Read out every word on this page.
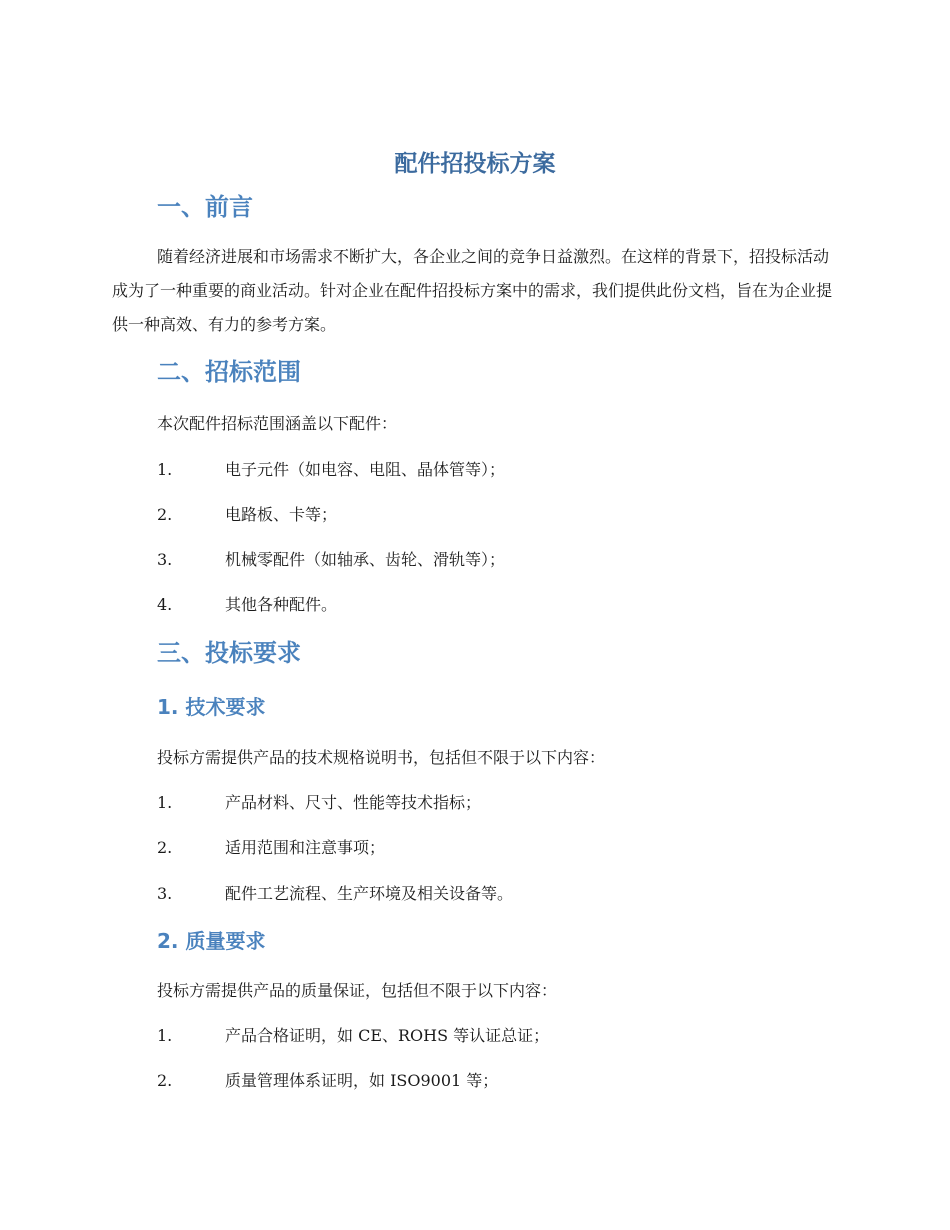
配件招投标方案
一、前言
随着经济进展和市场需求不断扩大，各企业之间的竞争日益激烈。在这样的背景下，招投标活动成为了一种重要的商业活动。针对企业在配件招投标方案中的需求，我们提供此份文档，旨在为企业提供一种高效、有力的参考方案。
二、招标范围
本次配件招标范围涵盖以下配件：
1.	电子元件（如电容、电阻、晶体管等）；
2.	电路板、卡等；
3.	机械零配件（如轴承、齿轮、滑轨等）；
4.	其他各种配件。
三、投标要求
1. 技术要求
投标方需提供产品的技术规格说明书，包括但不限于以下内容：
1.	产品材料、尺寸、性能等技术指标；
2.	适用范围和注意事项；
3.	配件工艺流程、生产环境及相关设备等。
2. 质量要求
投标方需提供产品的质量保证，包括但不限于以下内容：
1.	产品合格证明，如 CE、ROHS 等认证总证；
2.	质量管理体系证明，如 ISO9001 等；
